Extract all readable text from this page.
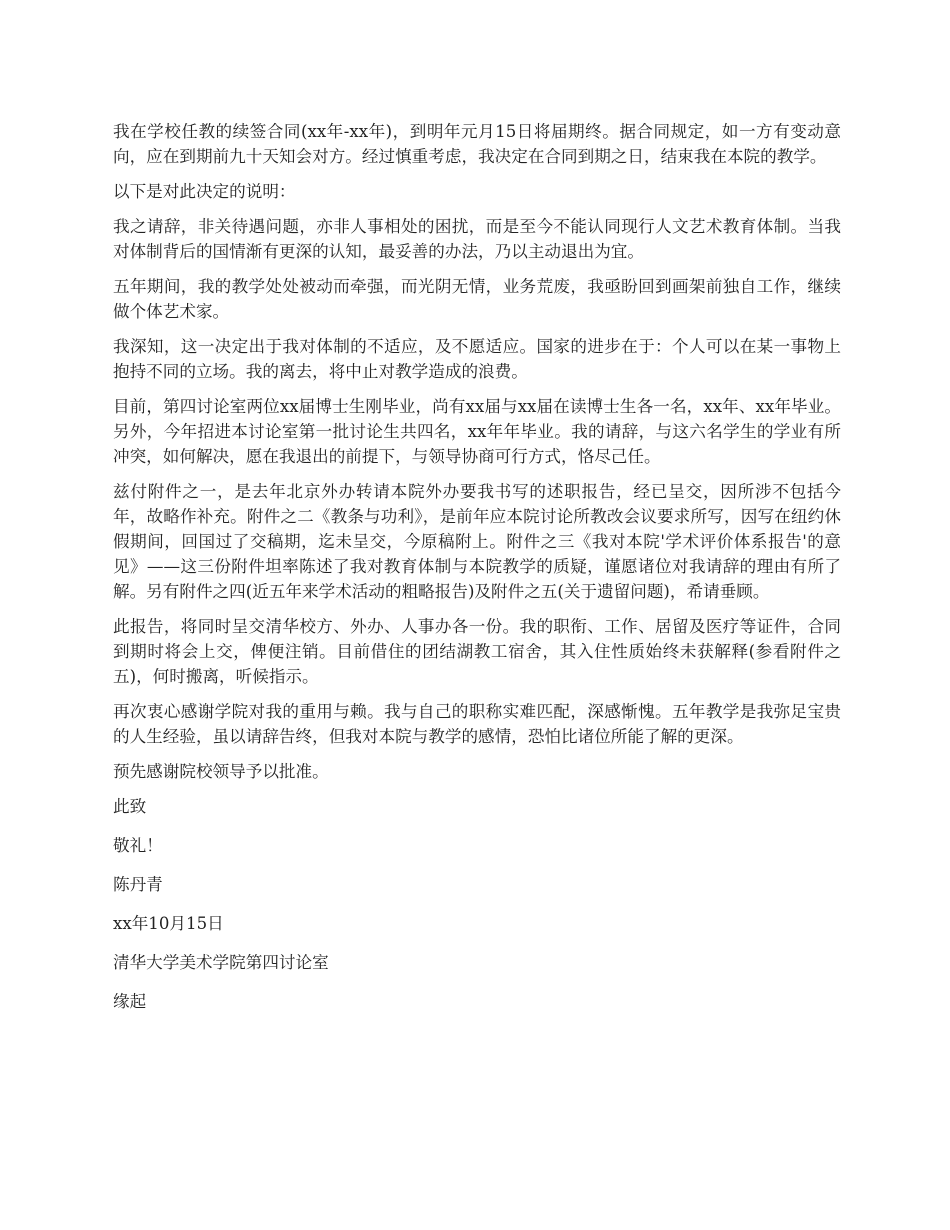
我在学校任教的续签合同(xx年-xx年)，到明年元月15日将届期终。据合同规定，如一方有变动意向，应在到期前九十天知会对方。经过慎重考虑，我决定在合同到期之日，结束我在本院的教学。

以下是对此决定的说明：

我之请辞，非关待遇问题，亦非人事相处的困扰，而是至今不能认同现行人文艺术教育体制。当我对体制背后的国情渐有更深的认知，最妥善的办法，乃以主动退出为宜。

五年期间，我的教学处处被动而牵强，而光阴无情，业务荒废，我亟盼回到画架前独自工作，继续做个体艺术家。

我深知，这一决定出于我对体制的不适应，及不愿适应。国家的进步在于：个人可以在某一事物上抱持不同的立场。我的离去，将中止对教学造成的浪费。

目前，第四讨论室两位xx届博士生刚毕业，尚有xx届与xx届在读博士生各一名，xx年、xx年毕业。另外，今年招进本讨论室第一批讨论生共四名，xx年年毕业。我的请辞，与这六名学生的学业有所冲突，如何解决，愿在我退出的前提下，与领导协商可行方式，恪尽己任。

兹付附件之一，是去年北京外办转请本院外办要我书写的述职报告，经已呈交，因所涉不包括今年，故略作补充。附件之二《教条与功利》，是前年应本院讨论所教改会议要求所写，因写在纽约休假期间，回国过了交稿期，迄未呈交，今原稿附上。附件之三《我对本院'学术评价体系报告'的意见》——这三份附件坦率陈述了我对教育体制与本院教学的质疑，谨愿诸位对我请辞的理由有所了解。另有附件之四(近五年来学术活动的粗略报告)及附件之五(关于遗留问题)，希请垂顾。

此报告，将同时呈交清华校方、外办、人事办各一份。我的职衔、工作、居留及医疗等证件，合同到期时将会上交，俾便注销。目前借住的团结湖教工宿舍，其入住性质始终未获解释(参看附件之五)，何时搬离，听候指示。

再次衷心感谢学院对我的重用与赖。我与自己的职称实难匹配，深感惭愧。五年教学是我弥足宝贵的人生经验，虽以请辞告终，但我对本院与教学的感情，恐怕比诸位所能了解的更深。

预先感谢院校领导予以批准。

此致

敬礼！

陈丹青

xx年10月15日

清华大学美术学院第四讨论室

缘起
